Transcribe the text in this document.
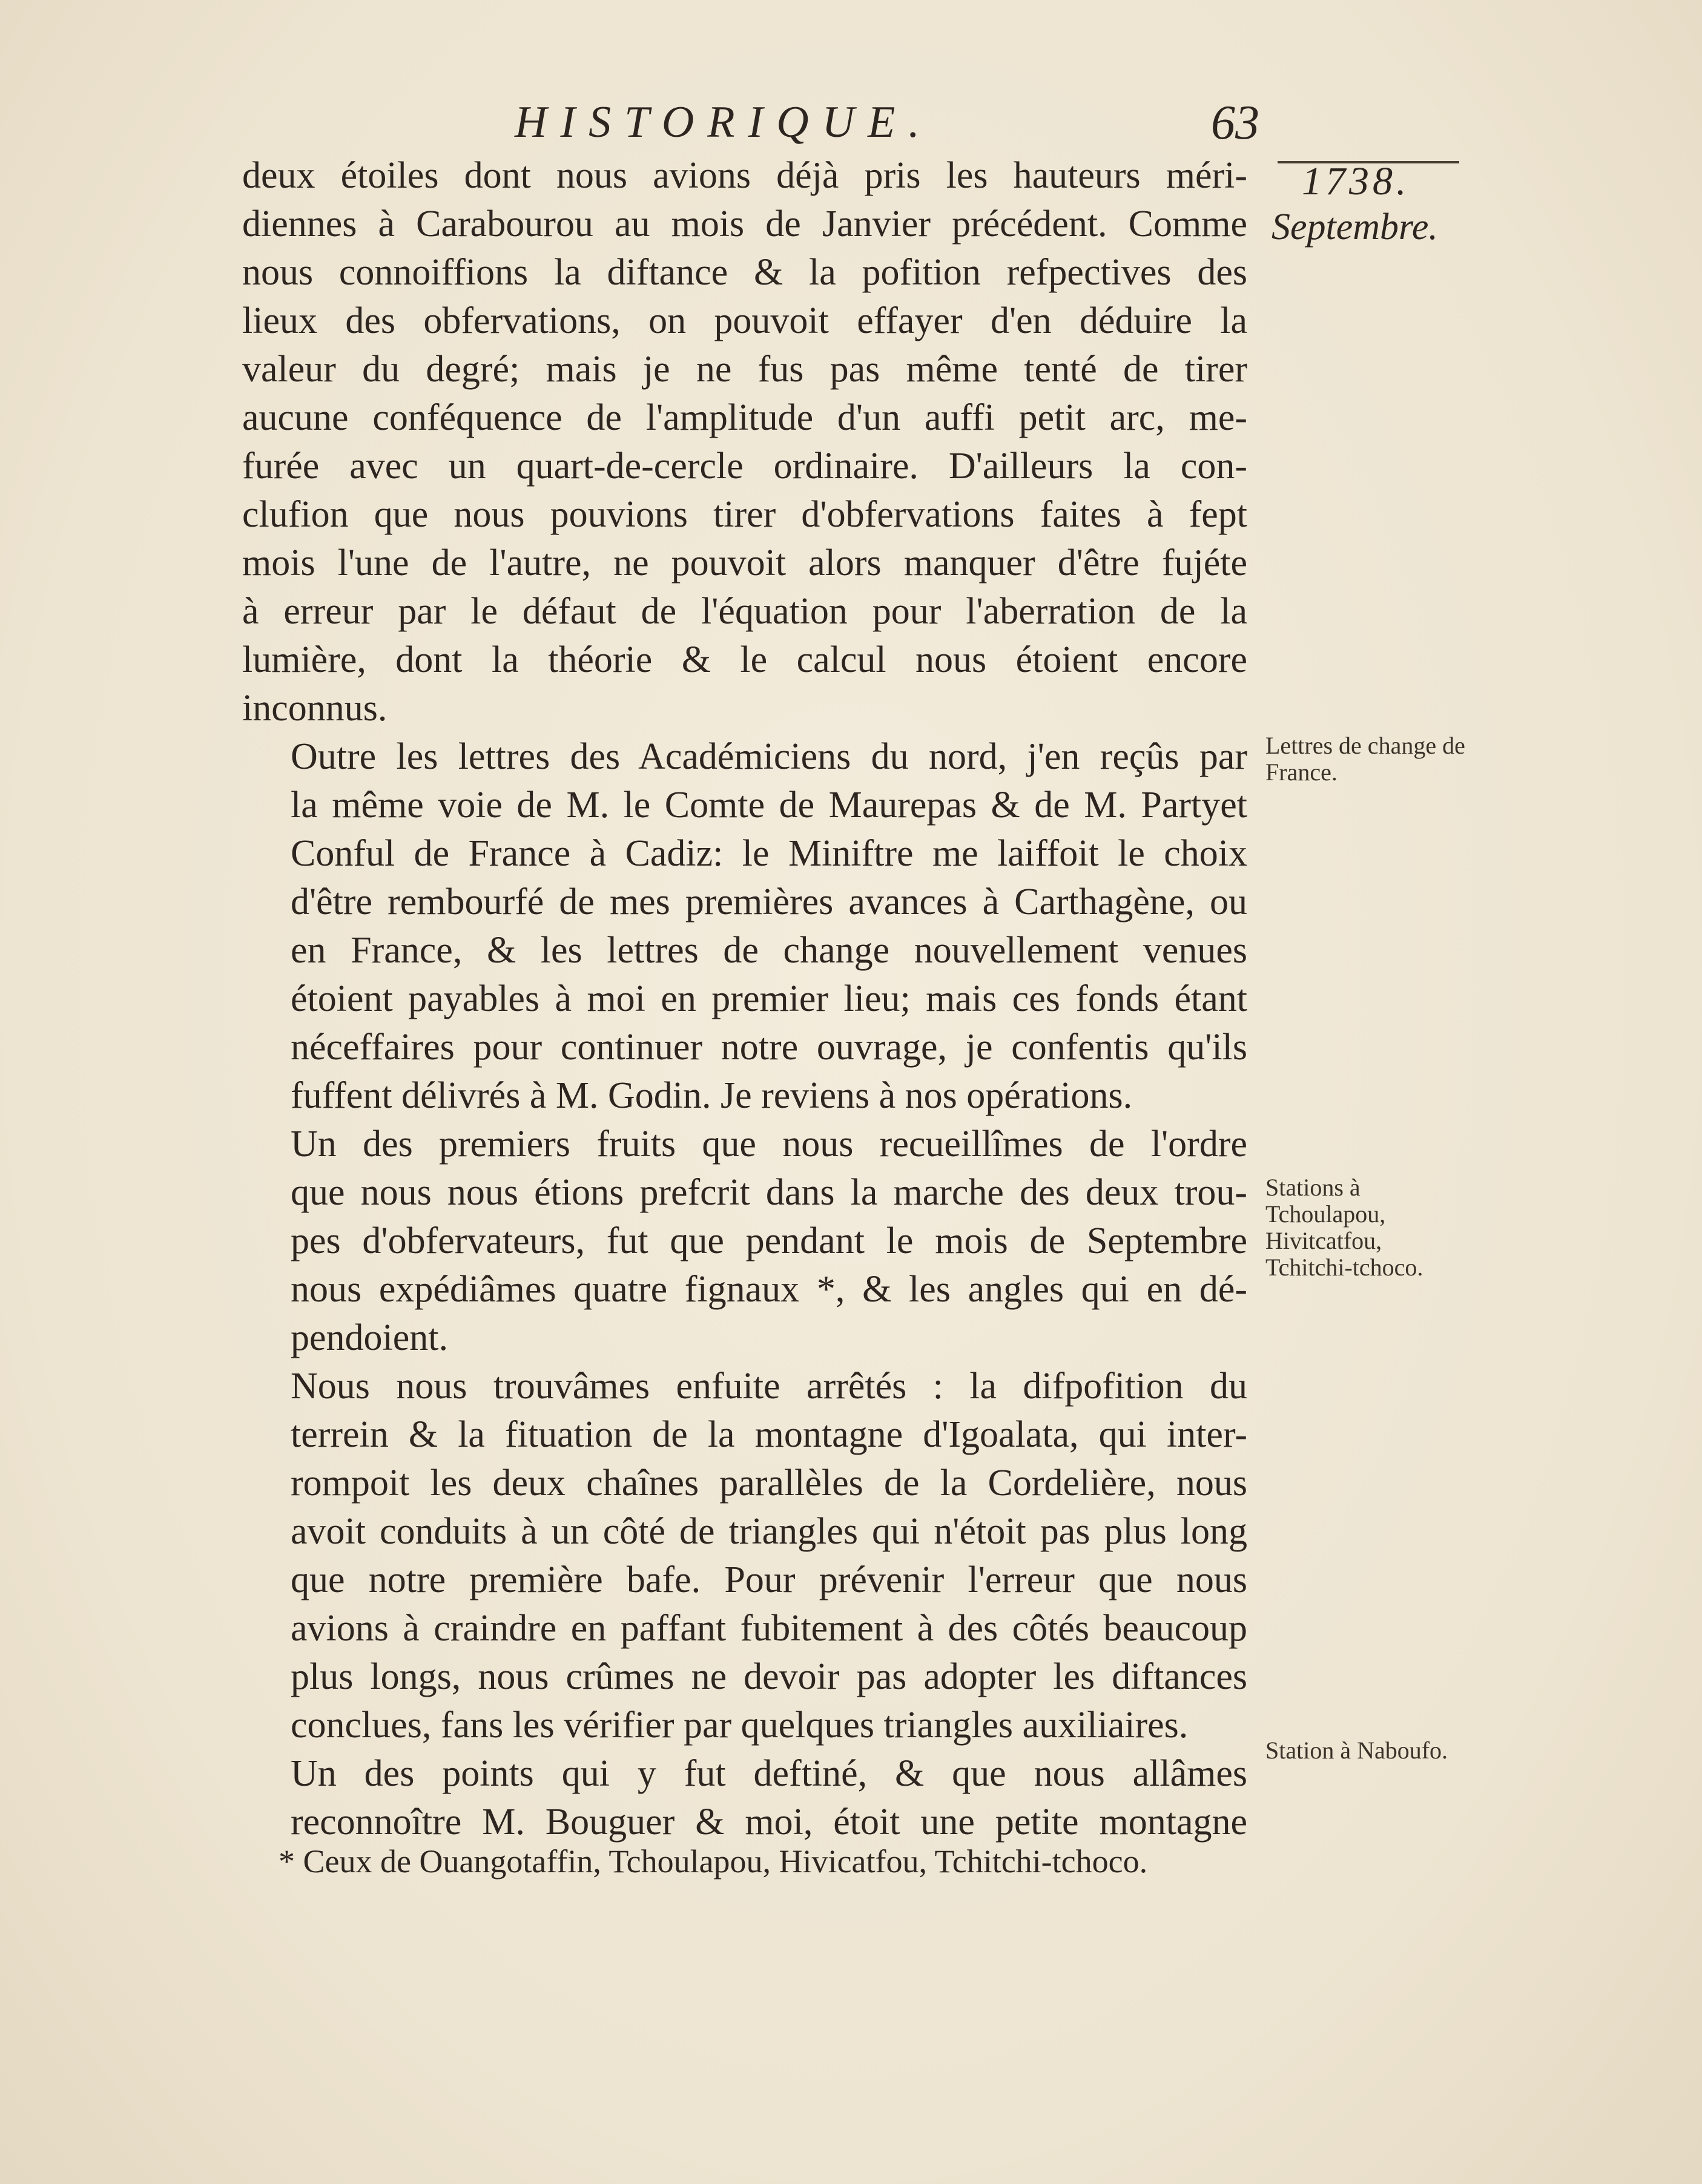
HISTORIQUE.	63
1738.
Septembre.
Lettres de change de France.
Stations à Tchoulapou, Hivitcatfou, Tchitchi-tchoco.
Station à Naboufo.

deux étoiles dont nous avions déjà pris les hauteurs méri-
diennes à Carabourou au mois de Janvier précédent. Comme
nous connoiffions la diftance & la pofition refpectives des
lieux des obfervations, on pouvoit effayer d'en déduire la
valeur du degré; mais je ne fus pas même tenté de tirer
aucune conféquence de l'amplitude d'un auffi petit arc, me-
furée avec un quart-de-cercle ordinaire. D'ailleurs la con-
clufion que nous pouvions tirer d'obfervations faites à fept
mois l'une de l'autre, ne pouvoit alors manquer d'être fujéte
à erreur par le défaut de l'équation pour l'aberration de la
lumière, dont la théorie & le calcul nous étoient encore
inconnus.

Outre les lettres des Académiciens du nord, j'en reçûs par
la même voie de M. le Comte de Maurepas & de M. Partyet
Conful de France à Cadiz: le Miniftre me laiffoit le choix
d'être rembourfé de mes premières avances à Carthagène, ou
en France, & les lettres de change nouvellement venues
étoient payables à moi en premier lieu; mais ces fonds étant
néceffaires pour continuer notre ouvrage, je confentis qu'ils
fuffent délivrés à M. Godin. Je reviens à nos opérations.

Un des premiers fruits que nous recueillîmes de l'ordre
que nous nous étions prefcrit dans la marche des deux trou-
pes d'obfervateurs, fut que pendant le mois de Septembre
nous expédiâmes quatre fignaux *, & les angles qui en dé-
pendoient.

Nous nous trouvâmes enfuite arrêtés : la difpofition du
terrein & la fituation de la montagne d'Igoalata, qui inter-
rompoit les deux chaînes parallèles de la Cordelière, nous
avoit conduits à un côté de triangles qui n'étoit pas plus long
que notre première bafe. Pour prévenir l'erreur que nous
avions à craindre en paffant fubitement à des côtés beaucoup
plus longs, nous crûmes ne devoir pas adopter les diftances
conclues, fans les vérifier par quelques triangles auxiliaires.

Un des points qui y fut deftiné, & que nous allâmes
reconnoître M. Bouguer & moi, étoit une petite montagne

* Ceux de Ouangotaffin, Tchoulapou, Hivicatfou, Tchitchi-tchoco.
